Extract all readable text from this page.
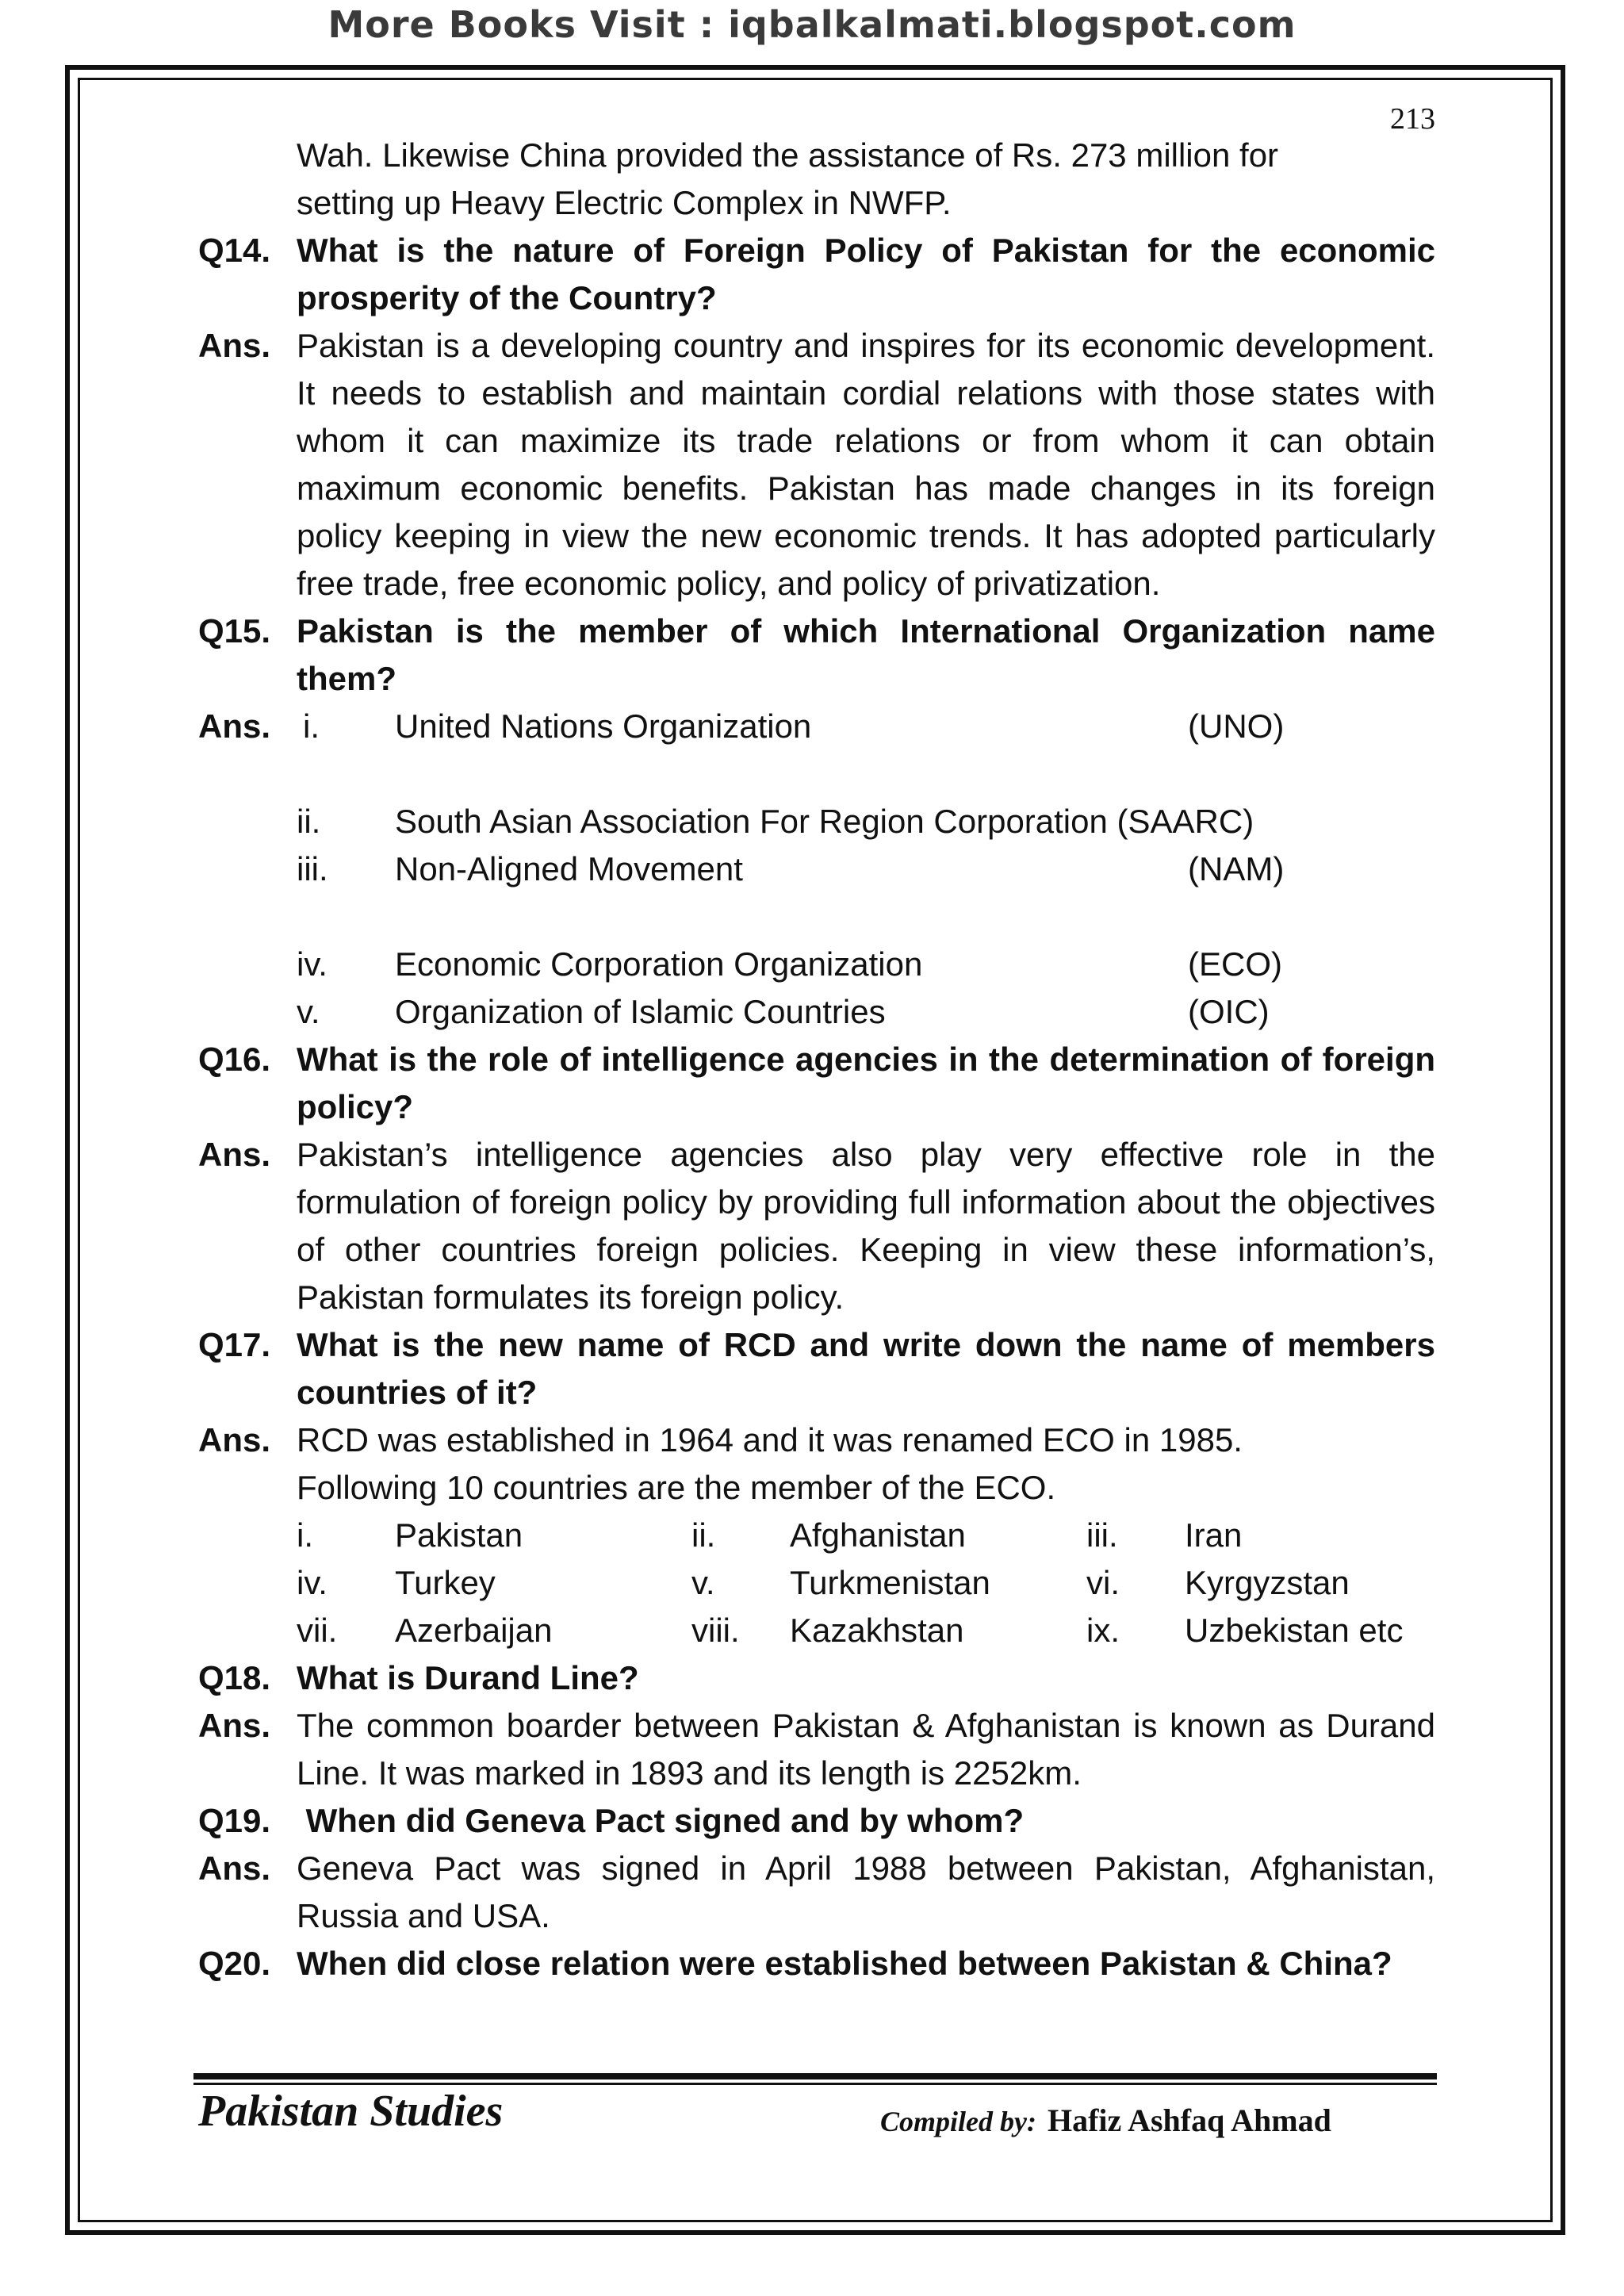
More Books Visit : iqbalkalmati.blogspot.com
213
Wah. Likewise China provided the assistance of Rs. 273 million for
setting up Heavy Electric Complex in NWFP.
Q14. What is the nature of Foreign Policy of Pakistan for the economic prosperity of the Country?
Ans. Pakistan is a developing country and inspires for its economic development. It needs to establish and maintain cordial relations with those states with whom it can maximize its trade relations or from whom it can obtain maximum economic benefits. Pakistan has made changes in its foreign policy keeping in view the new economic trends. It has adopted particularly free trade, free economic policy, and policy of privatization.
Q15. Pakistan is the member of which International Organization name them?
Ans. i.	United Nations Organization	(UNO)
ii.	South Asian Association For Region Corporation (SAARC)
iii.	Non-Aligned Movement	(NAM)
iv.	Economic Corporation Organization	(ECO)
v.	Organization of Islamic Countries	(OIC)
Q16. What is the role of intelligence agencies in the determination of foreign policy?
Ans. Pakistan’s intelligence agencies also play very effective role in the formulation of foreign policy by providing full information about the objectives of other countries foreign policies. Keeping in view these information’s, Pakistan formulates its foreign policy.
Q17. What is the new name of RCD and write down the name of members countries of it?
Ans. RCD was established in 1964 and it was renamed ECO in 1985.
Following 10 countries are the member of the ECO.
i.	Pakistan	ii.	Afghanistan	iii.	Iran
iv.	Turkey	v.	Turkmenistan	vi.	Kyrgyzstan
vii.	Azerbaijan	viii.	Kazakhstan	ix.	Uzbekistan etc
Q18. What is Durand Line?
Ans. The common boarder between Pakistan & Afghanistan is known as Durand Line. It was marked in 1893 and its length is 2252km.
Q19. When did Geneva Pact signed and by whom?
Ans. Geneva Pact was signed in April 1988 between Pakistan, Afghanistan, Russia and USA.
Q20. When did close relation were established between Pakistan & China?
Pakistan Studies	Compiled by: Hafiz Ashfaq Ahmad
